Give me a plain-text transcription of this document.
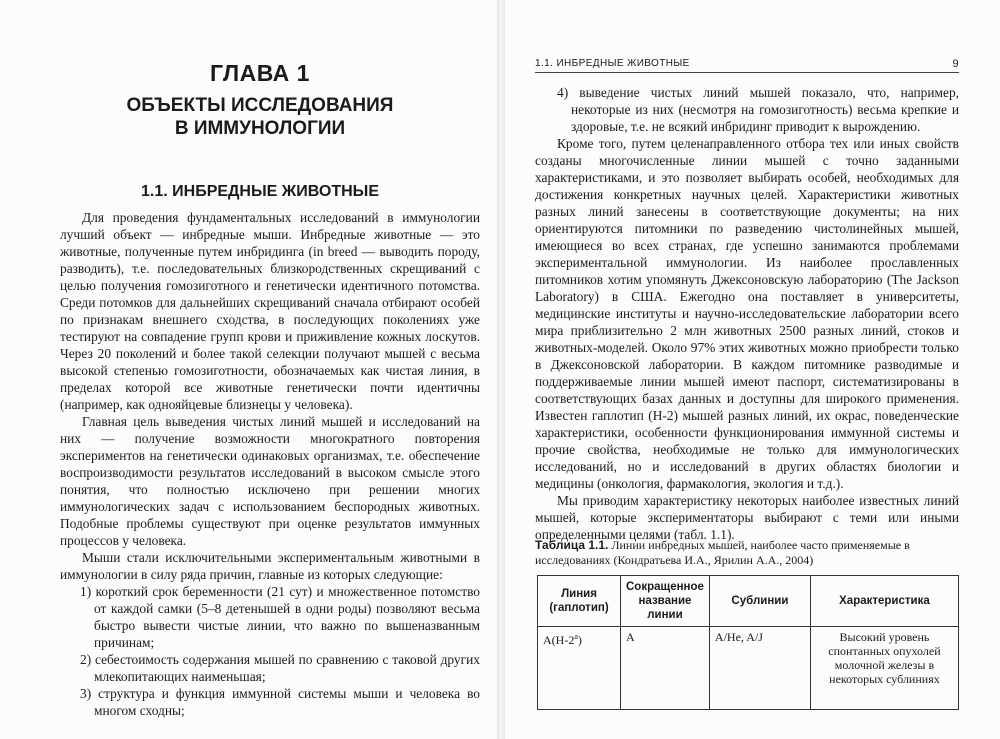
ГЛАВА 1
ОБЪЕКТЫ ИССЛЕДОВАНИЯ
В ИММУНОЛОГИИ
1.1. ИНБРЕДНЫЕ ЖИВОТНЫЕ

Для проведения фундаментальных исследований в иммунологии лучший объект — инбредные мыши. Инбредные животные — это животные, полученные путем инбридинга (in breed — выводить породу, разводить), т.е. последовательных близкородственных скрещиваний с целью получения гомозиготного и генетически идентичного потомства. Среди потомков для дальнейших скрещиваний сначала отбирают особей по признакам внешнего сходства, в последующих поколениях уже тестируют на совпадение групп крови и приживление кожных лоскутов. Через 20 поколений и более такой селекции получают мышей с весьма высокой степенью гомозиготности, обозначаемых как чистая линия, в пределах которой все животные генетически почти идентичны (например, как однояйцевые близнецы у человека).

Главная цель выведения чистых линий мышей и исследований на них — получение возможности многократного повторения экспериментов на генетически одинаковых организмах, т.е. обеспечение воспроизводимости результатов исследований в высоком смысле этого понятия, что полностью исключено при решении многих иммунологических задач с использованием беспородных животных. Подобные проблемы существуют при оценке результатов иммунных процессов у человека.

Мыши стали исключительными экспериментальным животными в иммунологии в силу ряда причин, главные из которых следующие:

1) короткий срок беременности (21 сут) и множественное потомство от каждой самки (5–8 детенышей в одни роды) позволяют весьма быстро вывести чистые линии, что важно по вышеназванным причинам;
2) себестоимость содержания мышей по сравнению с таковой других млекопитающих наименьшая;
3) структура и функция иммунной системы мыши и человека во многом сходны;
1.1. ИНБРЕДНЫЕ ЖИВОТНЫЕ	9
4) выведение чистых линий мышей показало, что, например, некоторые из них (несмотря на гомозиготность) весьма крепкие и здоровые, т.е. не всякий инбридинг приводит к вырождению.

Кроме того, путем целенаправленного отбора тех или иных свойств созданы многочисленные линии мышей с точно заданными характеристиками, и это позволяет выбирать особей, необходимых для достижения конкретных научных целей. Характеристики животных разных линий занесены в соответствующие документы; на них ориентируются питомники по разведению чистолинейных мышей, имеющиеся во всех странах, где успешно занимаются проблемами экспериментальной иммунологии. Из наиболее прославленных питомников хотим упомянуть Джексоновскую лабораторию (The Jackson Laboratory) в США. Ежегодно она поставляет в университеты, медицинские институты и научно-исследовательские лаборатории всего мира приблизительно 2 млн животных 2500 разных линий, стоков и животных-моделей. Около 97% этих животных можно приобрести только в Джексоновской лаборатории. В каждом питомнике разводимые и поддерживаемые линии мышей имеют паспорт, систематизированы в соответствующих базах данных и доступны для широкого применения. Известен гаплотип (H-2) мышей разных линий, их окрас, поведенческие характеристики, особенности функционирования иммунной системы и прочие свойства, необходимые не только для иммунологических исследований, но и исследований в других областях биологии и медицины (онкология, фармакология, экология и т.д.).

Мы приводим характеристику некоторых наиболее известных линий мышей, которые экспериментаторы выбирают с теми или иными определенными целями (табл. 1.1).

Таблица 1.1. Линии инбредных мышей, наиболее часто применяемые в исследованиях (Кондратьева И.А., Ярилин А.А., 2004)
Линия (гаплотип)	Сокращенное название линии	Сублинии	Характеристика
A(H-2$^a$)	A	A/He, A/J	Высокий уровень спонтанных опухолей молочной железы в некоторых сублиниях
